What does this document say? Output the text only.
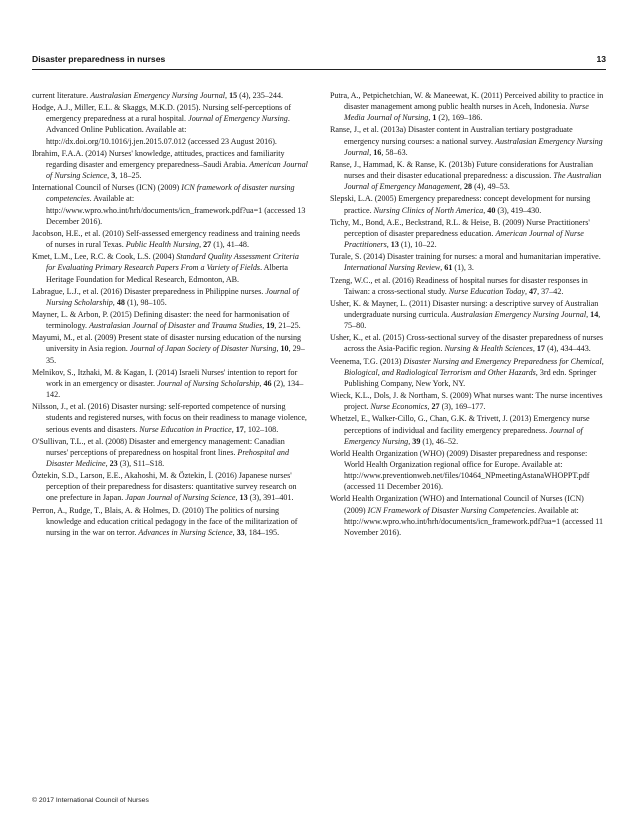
Disaster preparedness in nurses	13

current literature. Australasian Emergency Nursing Journal, 15 (4), 235–244.

Hodge, A.J., Miller, E.L. & Skaggs, M.K.D. (2015). Nursing self-perceptions of emergency preparedness at a rural hospital. Journal of Emergency Nursing. Advanced Online Publication. Available at: http://dx.doi.org/10.1016/j.jen.2015.07.012 (accessed 23 August 2016).

Ibrahim, F.A.A. (2014) Nurses' knowledge, attitudes, practices and familiarity regarding disaster and emergency preparedness–Saudi Arabia. American Journal of Nursing Science, 3, 18–25.

International Council of Nurses (ICN) (2009) ICN framework of disaster nursing competencies. Available at: http://www.wpro.who.int/hrh/documents/icn_framework.pdf?ua=1 (accessed 13 December 2016).

Jacobson, H.E., et al. (2010) Self-assessed emergency readiness and training needs of nurses in rural Texas. Public Health Nursing, 27 (1), 41–48.

Kmet, L.M., Lee, R.C. & Cook, L.S. (2004) Standard Quality Assessment Criteria for Evaluating Primary Research Papers From a Variety of Fields. Alberta Heritage Foundation for Medical Research, Edmonton, AB.

Labrague, L.J., et al. (2016) Disaster preparedness in Philippine nurses. Journal of Nursing Scholarship, 48 (1), 98–105.

Mayner, L. & Arbon, P. (2015) Defining disaster: the need for harmonisation of terminology. Australasian Journal of Disaster and Trauma Studies, 19, 21–25.

Mayumi, M., et al. (2009) Present state of disaster nursing education of the nursing university in Asia region. Journal of Japan Society of Disaster Nursing, 10, 29–35.

Melnikov, S., Itzhaki, M. & Kagan, I. (2014) Israeli Nurses' intention to report for work in an emergency or disaster. Journal of Nursing Scholarship, 46 (2), 134–142.

Nilsson, J., et al. (2016) Disaster nursing: self-reported competence of nursing students and registered nurses, with focus on their readiness to manage violence, serious events and disasters. Nurse Education in Practice, 17, 102–108.

O'Sullivan, T.L., et al. (2008) Disaster and emergency management: Canadian nurses' perceptions of preparedness on hospital front lines. Prehospital and Disaster Medicine, 23 (3), S11–S18.

Öztekin, S.D., Larson, E.E., Akahoshi, M. & Öztekin, İ. (2016) Japanese nurses' perception of their preparedness for disasters: quantitative survey research on one prefecture in Japan. Japan Journal of Nursing Science, 13 (3), 391–401.

Perron, A., Rudge, T., Blais, A. & Holmes, D. (2010) The politics of nursing knowledge and education critical pedagogy in the face of the militarization of nursing in the war on terror. Advances in Nursing Science, 33, 184–195.

Putra, A., Petpichetchian, W. & Maneewat, K. (2011) Perceived ability to practice in disaster management among public health nurses in Aceh, Indonesia. Nurse Media Journal of Nursing, 1 (2), 169–186.

Ranse, J., et al. (2013a) Disaster content in Australian tertiary postgraduate emergency nursing courses: a national survey. Australasian Emergency Nursing Journal, 16, 58–63.

Ranse, J., Hammad, K. & Ranse, K. (2013b) Future considerations for Australian nurses and their disaster educational preparedness: a discussion. The Australian Journal of Emergency Management, 28 (4), 49–53.

Slepski, L.A. (2005) Emergency preparedness: concept development for nursing practice. Nursing Clinics of North America, 40 (3), 419–430.

Tichy, M., Bond, A.E., Beckstrand, R.L. & Heise, B. (2009) Nurse Practitioners' perception of disaster preparedness education. American Journal of Nurse Practitioners, 13 (1), 10–22.

Turale, S. (2014) Disaster training for nurses: a moral and humanitarian imperative. International Nursing Review, 61 (1), 3.

Tzeng, W.C., et al. (2016) Readiness of hospital nurses for disaster responses in Taiwan: a cross-sectional study. Nurse Education Today, 47, 37–42.

Usher, K. & Mayner, L. (2011) Disaster nursing: a descriptive survey of Australian undergraduate nursing curricula. Australasian Emergency Nursing Journal, 14, 75–80.

Usher, K., et al. (2015) Cross-sectional survey of the disaster preparedness of nurses across the Asia-Pacific region. Nursing & Health Sciences, 17 (4), 434–443.

Veenema, T.G. (2013) Disaster Nursing and Emergency Preparedness for Chemical, Biological, and Radiological Terrorism and Other Hazards, 3rd edn. Springer Publishing Company, New York, NY.

Wieck, K.L., Dols, J. & Northam, S. (2009) What nurses want: The nurse incentives project. Nurse Economics, 27 (3), 169–177.

Whetzel, E., Walker-Cillo, G., Chan, G.K. & Trivett, J. (2013) Emergency nurse perceptions of individual and facility emergency preparedness. Journal of Emergency Nursing, 39 (1), 46–52.

World Health Organization (WHO) (2009) Disaster preparedness and response: World Health Organization regional office for Europe. Available at: http://www.preventionweb.net/files/10464_NPmeetingAstanaWHOPPT.pdf (accessed 11 December 2016).

World Health Organization (WHO) and International Council of Nurses (ICN) (2009) ICN Framework of Disaster Nursing Competencies. Available at: http://www.wpro.who.int/hrh/documents/icn_framework.pdf?ua=1 (accessed 11 November 2016).

© 2017 International Council of Nurses
